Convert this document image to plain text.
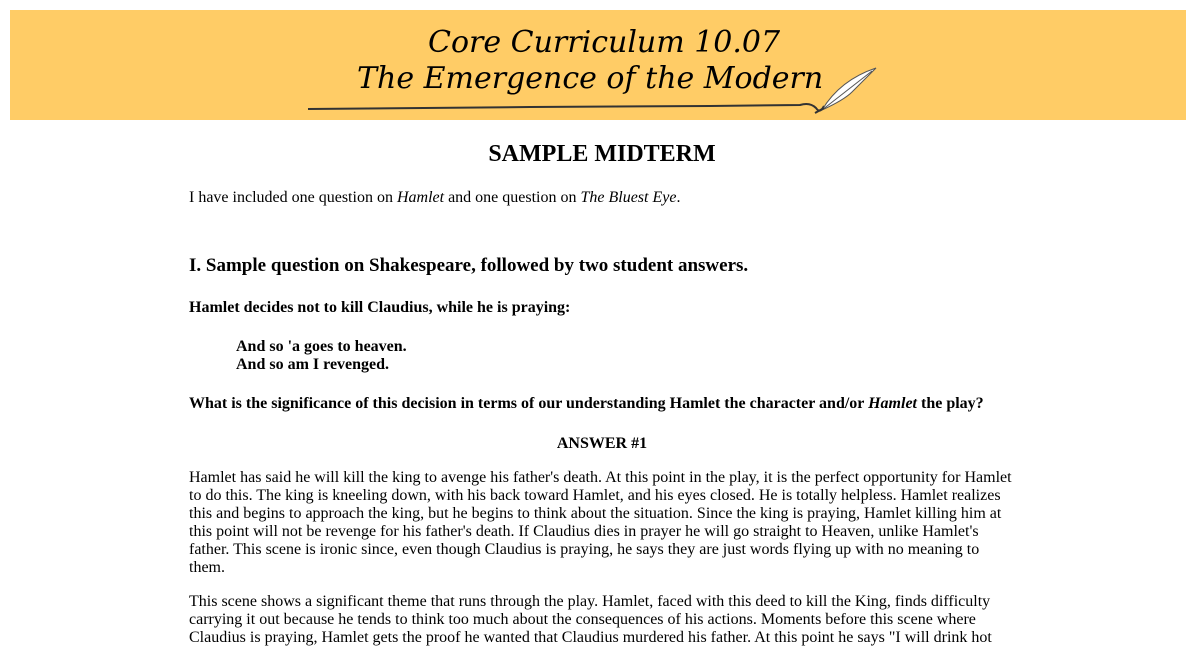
Core Curriculum 10.07
The Emergence of the Modern
SAMPLE MIDTERM

I have included one question on Hamlet and one question on The Bluest Eye.

I. Sample question on Shakespeare, followed by two student answers.

Hamlet decides not to kill Claudius, while he is praying:

And so 'a goes to heaven.
And so am I revenged.

What is the significance of this decision in terms of our understanding Hamlet the character and/or Hamlet the play?

ANSWER #1

Hamlet has said he will kill the king to avenge his father's death. At this point in the play, it is the perfect opportunity for Hamlet to do this. The king is kneeling down, with his back toward Hamlet, and his eyes closed. He is totally helpless. Hamlet realizes this and begins to approach the king, but he begins to think about the situation. Since the king is praying, Hamlet killing him at this point will not be revenge for his father's death. If Claudius dies in prayer he will go straight to Heaven, unlike Hamlet's father. This scene is ironic since, even though Claudius is praying, he says they are just words flying up with no meaning to them.

This scene shows a significant theme that runs through the play. Hamlet, faced with this deed to kill the King, finds difficulty carrying it out because he tends to think too much about the consequences of his actions. Moments before this scene where Claudius is praying, Hamlet gets the proof he wanted that Claudius murdered his father. At this point he says "I will drink hot
